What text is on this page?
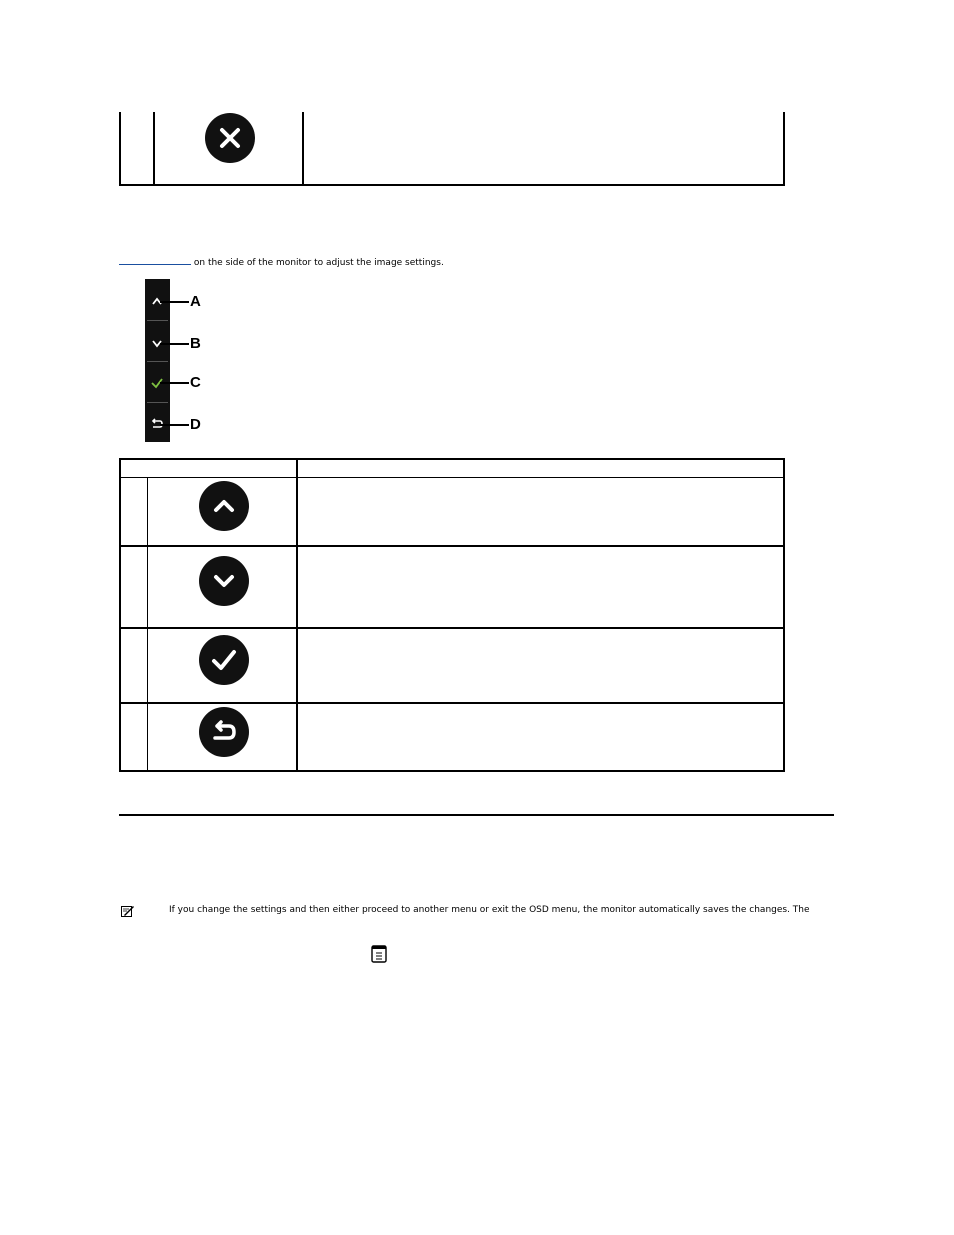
on the side of the monitor to adjust the image settings.
A
B
C
D
If you change the settings and then either proceed to another menu or exit the OSD menu, the monitor automatically saves the changes. The
